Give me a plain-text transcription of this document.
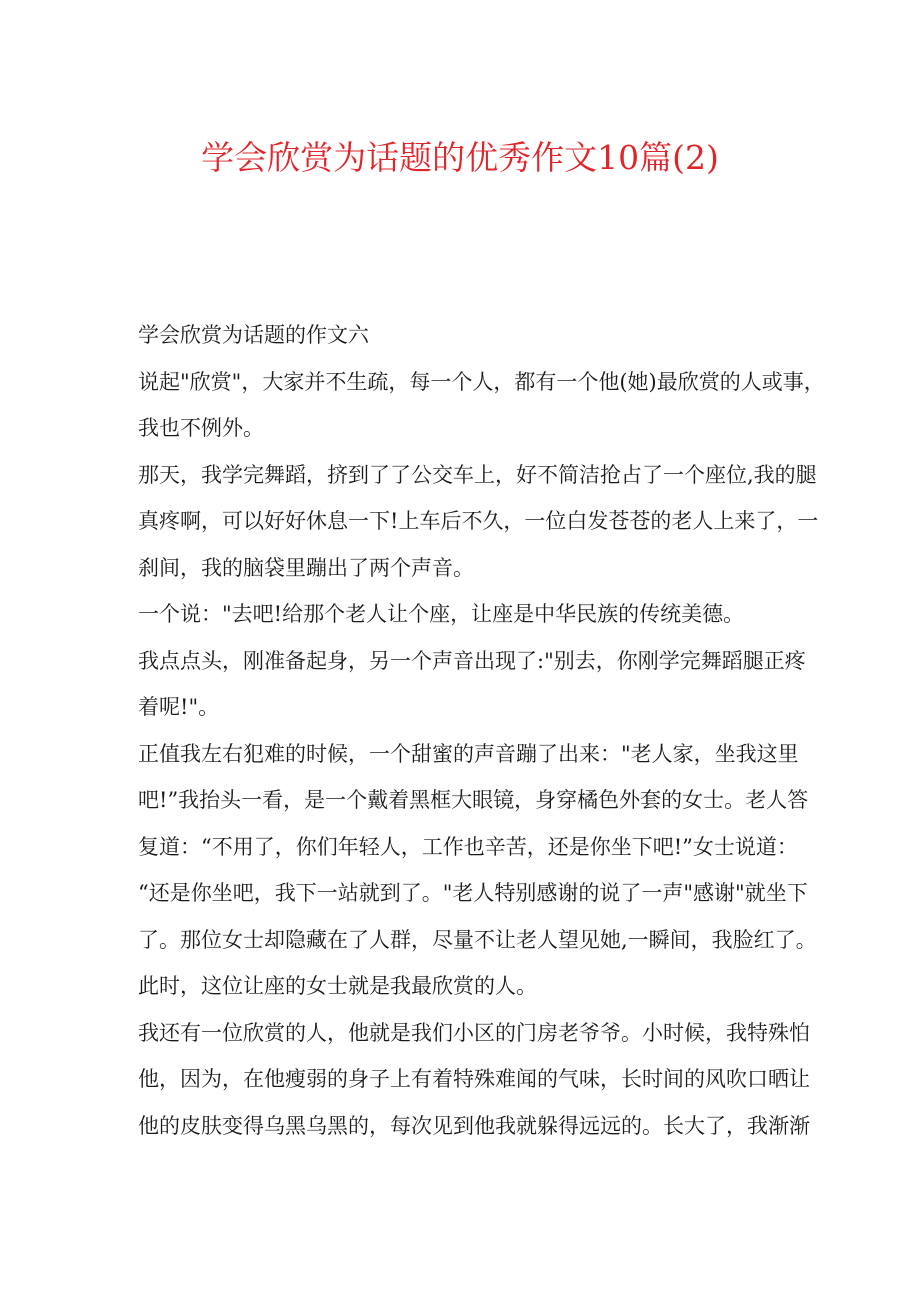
学会欣赏为话题的优秀作文10篇(2)
学会欣赏为话题的作文六
说起"欣赏"，大家并不生疏，每一个人，都有一个他(她)最欣赏的人或事，
我也不例外。
那天，我学完舞蹈，挤到了了公交车上，好不简洁抢占了一个座位,我的腿
真疼啊，可以好好休息一下!上车后不久，一位白发苍苍的老人上来了，一
刹间，我的脑袋里蹦出了两个声音。
一个说："去吧!给那个老人让个座，让座是中华民族的传统美德。
我点点头，刚准备起身，另一个声音出现了:"别去，你刚学完舞蹈腿正疼
着呢!"。
正值我左右犯难的时候，一个甜蜜的声音蹦了出来："老人家，坐我这里
吧!”我抬头一看，是一个戴着黑框大眼镜，身穿橘色外套的女士。老人答
复道：“不用了，你们年轻人，工作也辛苦，还是你坐下吧!”女士说道：
“还是你坐吧，我下一站就到了。"老人特别感谢的说了一声"感谢"就坐下
了。那位女士却隐藏在了人群，尽量不让老人望见她,一瞬间，我脸红了。
此时，这位让座的女士就是我最欣赏的人。
我还有一位欣赏的人，他就是我们小区的门房老爷爷。小时候，我特殊怕
他，因为，在他瘦弱的身子上有着特殊难闻的气味，长时间的风吹口晒让
他的皮肤变得乌黑乌黑的，每次见到他我就躲得远远的。长大了，我渐渐
